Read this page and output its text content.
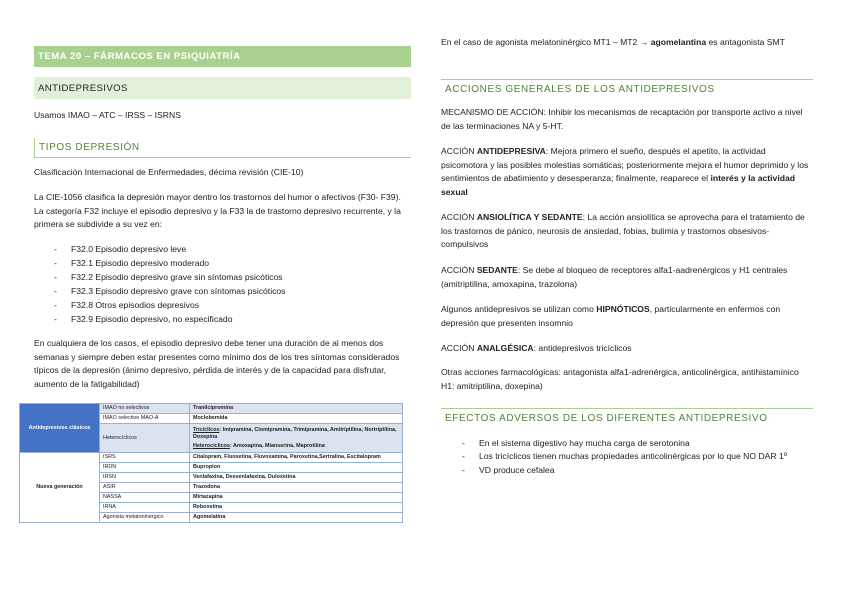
TEMA 20 – FÁRMACOS EN PSIQUIATRÍA
ANTIDEPRESIVOS

Usamos IMAO – ATC – IRSS – ISRNS

TIPOS DEPRESIÓN

Clasificación Internacional de Enfermedades, décima revisión (CIE-10)

La CIE-1056 clasifica la depresión mayor dentro los trastornos del humor o afectivos (F30- F39). La categoría F32 incluye el episodio depresivo y la F33 la de trastorno depresivo recurrente, y la primera se subdivide a su vez en:

- F32.0 Episodio depresivo leve
- F32.1 Episodio depresivo moderado
- F32.2 Episodio depresivo grave sin síntomas psicóticos
- F32.3 Episodio depresivo grave con síntomas psicóticos
- F32.8 Otros episodios depresivos
- F32.9 Episodio depresivo, no especificado

En cualquiera de los casos, el episodio depresivo debe tener una duración de al menos dos semanas y siempre deben estar presentes como mínimo dos de los tres síntomas considerados típicos de la depresión (ánimo depresivo, pérdida de interés y de la capacidad para disfrutar, aumento de la fatigabilidad)

Antidepresivos clásicos	IMAO no selectivos	Tranilcipromina
	IMAO selectivo MAO-A	Moclobemida
	Heterocíclicos	Tricíclicos: Imipramina, Clomipramina, Trimipramina, Amitriptilina, Nortriptilina, Doxepina
Heterocíclicos: Amoxapina, Mianserina, Maprotilina

Nueva generación	ISRS	Citalopram, Fluoxetina, Fluvoxamina, Paroxetina,Sertralina, Escitalopram
	IRDN	Bupropion
	IRSN	Venlafaxina, Desvenlafaxina, Duloxetina
	ASIR	Trazodona
	NASSA	Mirtazapina
	IRNA	Reboxetina
	Agonista melatoninérgico	Agomelatina

En el caso de agonista melatoninérgico MT1 – MT2 → agomelantina es antagonista SMT

ACCIONES GENERALES DE LOS ANTIDEPRESIVOS

MECANISMO DE ACCIÓN: Inhibir los mecanismos de recaptación por transporte activo a nivel de las terminaciones NA y 5-HT.

ACCIÓN ANTIDEPRESIVA: Mejora primero el sueño, después el apetito, la actividad psicomotora y las posibles molestias somáticas; posteriormente mejora el humor deprimido y los sentimientos de abatimiento y desesperanza; finalmente, reaparece el interés y la actividad sexual

ACCIÓN ANSIOLÍTICA Y SEDANTE: La acción ansiolítica se aprovecha para el tratamiento de los trastornos de pánico, neurosis de ansiedad, fobias, bulimia y trastornos obsesivos-compulsivos

ACCIÓN SEDANTE: Se debe al bloqueo de receptores alfa1-aadrenérgicos y H1 centrales (amitriptilina, amoxapina, trazolona)

Algunos antidepresivos se utilizan como HIPNÓTICOS, particularmente en enfermos con depresión que presenten insomnio

ACCIÓN ANALGÉSICA: antidepresivos tricíclicos

Otras acciones farmacológicas: antagonista alfa1-adrenérgica, anticolinérgica, antihistamínico H1: amitriptilina, doxepina)

EFECTOS ADVERSOS DE LOS DIFERENTES ANTIDEPRESIVO
- En el sistema digestivo hay mucha carga de serotonina
- Los tricíclicos tienen muchas propiedades anticolinérgicas por lo que NO DAR 1º
- VD produce cefalea
